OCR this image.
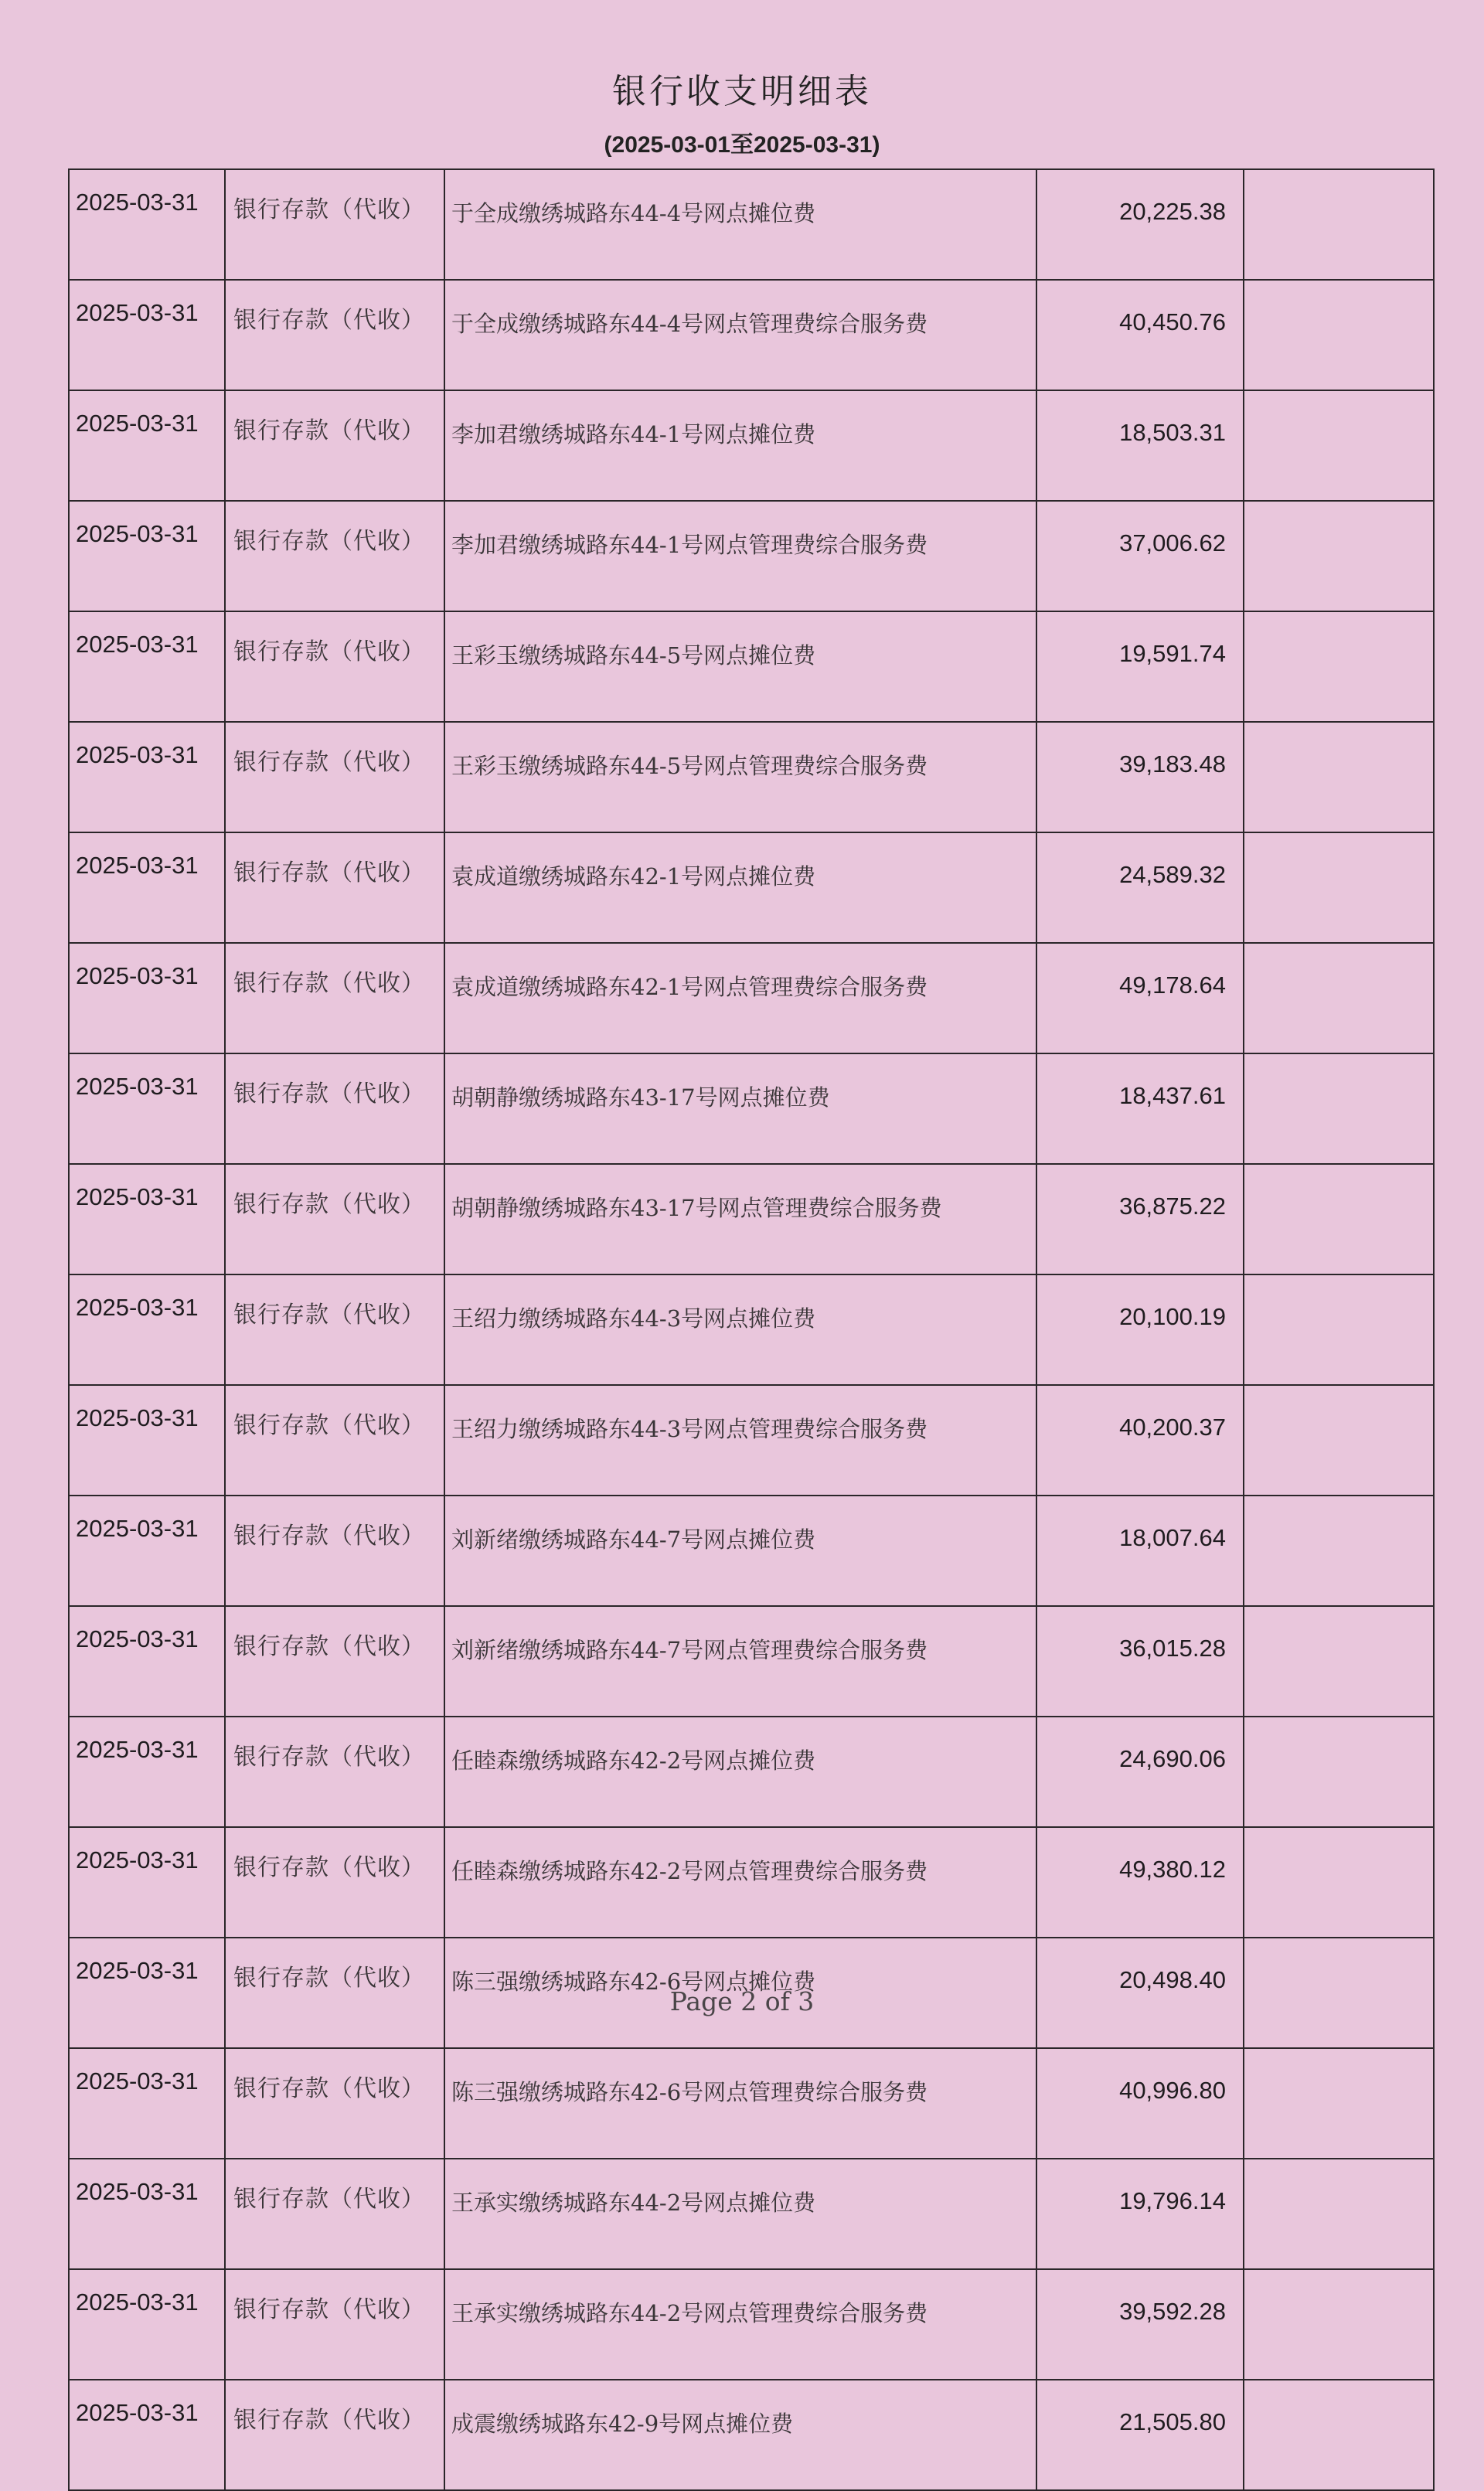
银行收支明细表
(2025-03-01至2025-03-31)
2025-03-31	银行存款（代收）	于全成缴绣城路东44-4号网点摊位费	20,225.38	
2025-03-31	银行存款（代收）	于全成缴绣城路东44-4号网点管理费综合服务费	40,450.76	
2025-03-31	银行存款（代收）	李加君缴绣城路东44-1号网点摊位费	18,503.31	
2025-03-31	银行存款（代收）	李加君缴绣城路东44-1号网点管理费综合服务费	37,006.62	
2025-03-31	银行存款（代收）	王彩玉缴绣城路东44-5号网点摊位费	19,591.74	
2025-03-31	银行存款（代收）	王彩玉缴绣城路东44-5号网点管理费综合服务费	39,183.48	
2025-03-31	银行存款（代收）	袁成道缴绣城路东42-1号网点摊位费	24,589.32	
2025-03-31	银行存款（代收）	袁成道缴绣城路东42-1号网点管理费综合服务费	49,178.64	
2025-03-31	银行存款（代收）	胡朝静缴绣城路东43-17号网点摊位费	18,437.61	
2025-03-31	银行存款（代收）	胡朝静缴绣城路东43-17号网点管理费综合服务费	36,875.22	
2025-03-31	银行存款（代收）	王绍力缴绣城路东44-3号网点摊位费	20,100.19	
2025-03-31	银行存款（代收）	王绍力缴绣城路东44-3号网点管理费综合服务费	40,200.37	
2025-03-31	银行存款（代收）	刘新绪缴绣城路东44-7号网点摊位费	18,007.64	
2025-03-31	银行存款（代收）	刘新绪缴绣城路东44-7号网点管理费综合服务费	36,015.28	
2025-03-31	银行存款（代收）	任睦森缴绣城路东42-2号网点摊位费	24,690.06	
2025-03-31	银行存款（代收）	任睦森缴绣城路东42-2号网点管理费综合服务费	49,380.12	
2025-03-31	银行存款（代收）	陈三强缴绣城路东42-6号网点摊位费	20,498.40	
2025-03-31	银行存款（代收）	陈三强缴绣城路东42-6号网点管理费综合服务费	40,996.80	
2025-03-31	银行存款（代收）	王承实缴绣城路东44-2号网点摊位费	19,796.14	
2025-03-31	银行存款（代收）	王承实缴绣城路东44-2号网点管理费综合服务费	39,592.28	
2025-03-31	银行存款（代收）	成震缴绣城路东42-9号网点摊位费	21,505.80	
Page 2 of 3
